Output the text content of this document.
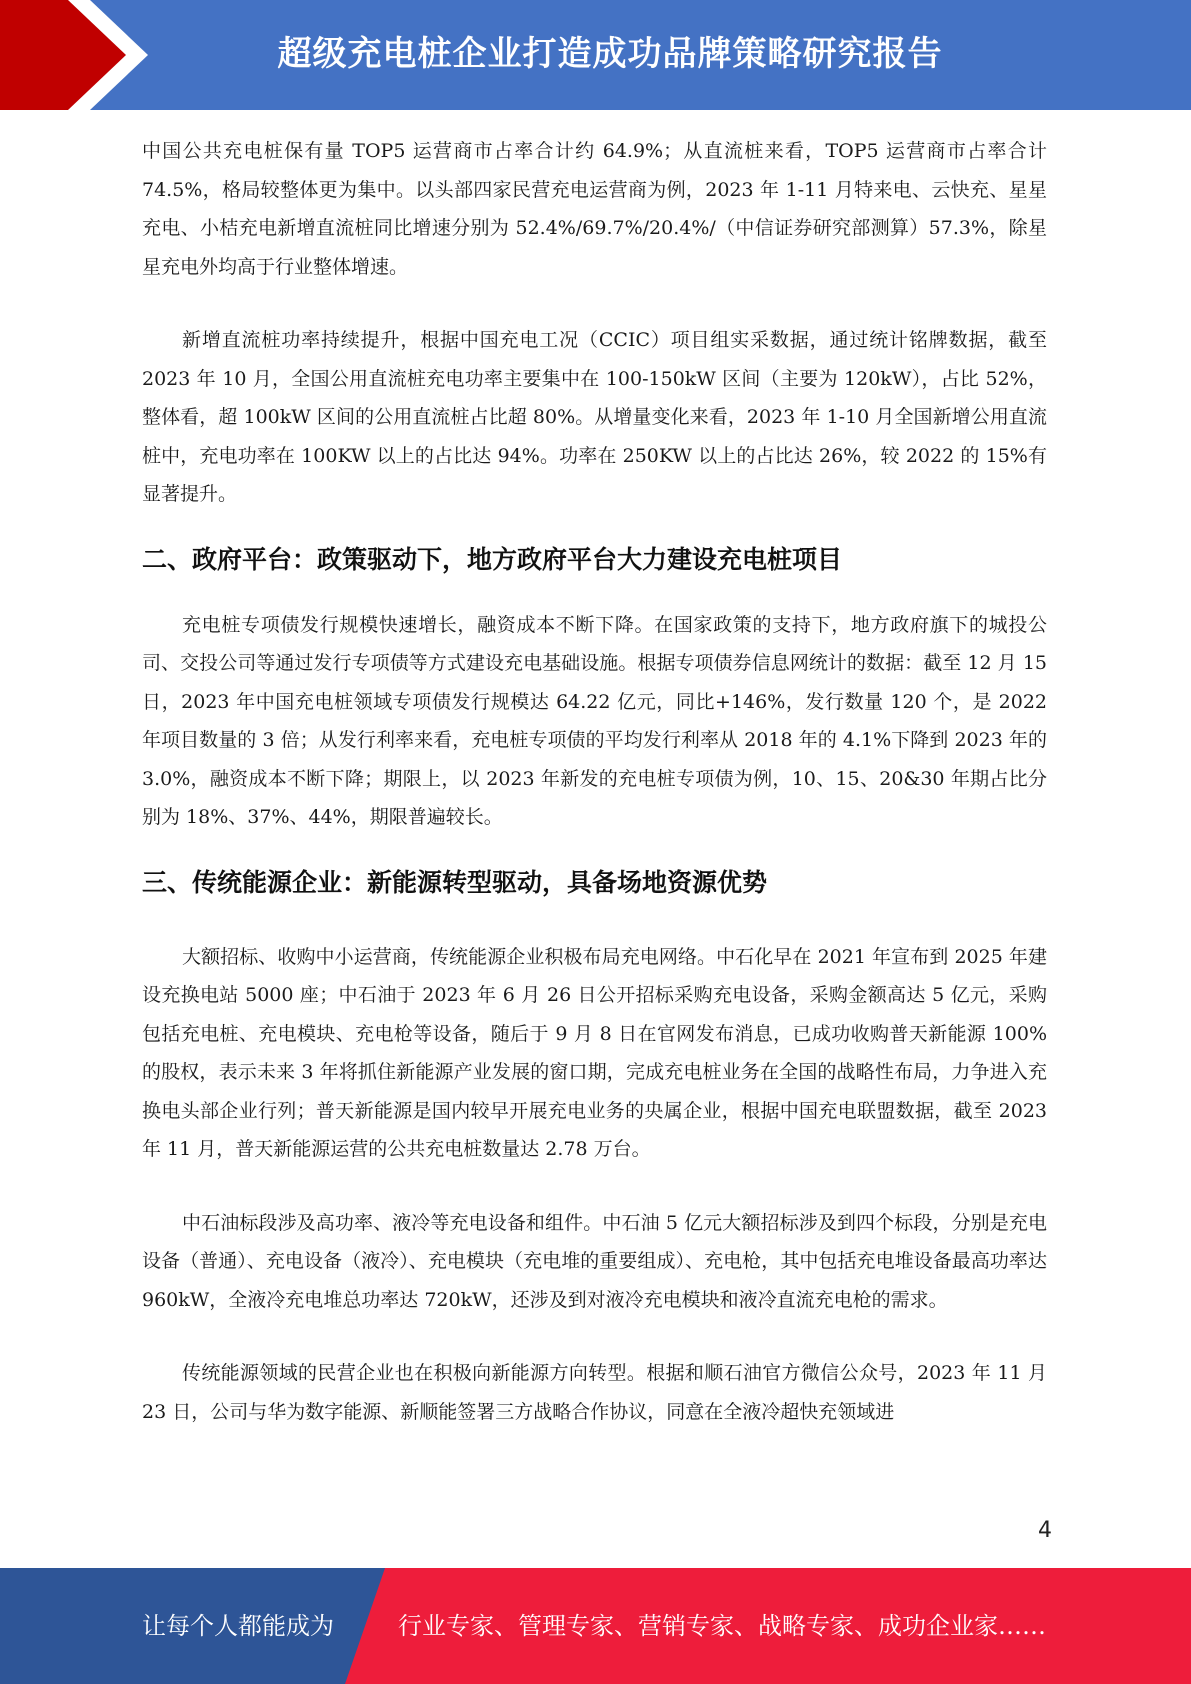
超级充电桩企业打造成功品牌策略研究报告

中国公共充电桩保有量 TOP5 运营商市占率合计约 64.9%；从直流桩来看，TOP5 运营商市占率合计 74.5%，格局较整体更为集中。以头部四家民营充电运营商为例，2023 年 1-11 月特来电、云快充、星星充电、小桔充电新增直流桩同比增速分别为 52.4%/69.7%/20.4%/（中信证券研究部测算）57.3%，除星星充电外均高于行业整体增速。

新增直流桩功率持续提升，根据中国充电工况（CCIC）项目组实采数据，通过统计铭牌数据，截至 2023 年 10 月，全国公用直流桩充电功率主要集中在 100-150kW 区间（主要为 120kW），占比 52%，整体看，超 100kW 区间的公用直流桩占比超 80%。从增量变化来看，2023 年 1-10 月全国新增公用直流桩中，充电功率在 100KW 以上的占比达 94%。功率在 250KW 以上的占比达 26%，较 2022 的 15%有显著提升。

二、政府平台：政策驱动下，地方政府平台大力建设充电桩项目

充电桩专项债发行规模快速增长，融资成本不断下降。在国家政策的支持下，地方政府旗下的城投公司、交投公司等通过发行专项债等方式建设充电基础设施。根据专项债券信息网统计的数据：截至 12 月 15 日，2023 年中国充电桩领域专项债发行规模达 64.22 亿元，同比+146%，发行数量 120 个，是 2022 年项目数量的 3 倍；从发行利率来看，充电桩专项债的平均发行利率从 2018 年的 4.1%下降到 2023 年的 3.0%，融资成本不断下降；期限上，以 2023 年新发的充电桩专项债为例，10、15、20&30 年期占比分别为 18%、37%、44%，期限普遍较长。

三、传统能源企业：新能源转型驱动，具备场地资源优势

大额招标、收购中小运营商，传统能源企业积极布局充电网络。中石化早在 2021 年宣布到 2025 年建设充换电站 5000 座；中石油于 2023 年 6 月 26 日公开招标采购充电设备，采购金额高达 5 亿元，采购包括充电桩、充电模块、充电枪等设备，随后于 9 月 8 日在官网发布消息，已成功收购普天新能源 100%的股权，表示未来 3 年将抓住新能源产业发展的窗口期，完成充电桩业务在全国的战略性布局，力争进入充换电头部企业行列；普天新能源是国内较早开展充电业务的央属企业，根据中国充电联盟数据，截至 2023 年 11 月，普天新能源运营的公共充电桩数量达 2.78 万台。

中石油标段涉及高功率、液冷等充电设备和组件。中石油 5 亿元大额招标涉及到四个标段，分别是充电设备（普通）、充电设备（液冷）、充电模块（充电堆的重要组成）、充电枪，其中包括充电堆设备最高功率达 960kW，全液冷充电堆总功率达 720kW，还涉及到对液冷充电模块和液冷直流充电枪的需求。

传统能源领域的民营企业也在积极向新能源方向转型。根据和顺石油官方微信公众号，2023 年 11 月 23 日，公司与华为数字能源、新顺能签署三方战略合作协议，同意在全液冷超快充领域进

4
让每个人都能成为	行业专家、管理专家、营销专家、战略专家、成功企业家……
